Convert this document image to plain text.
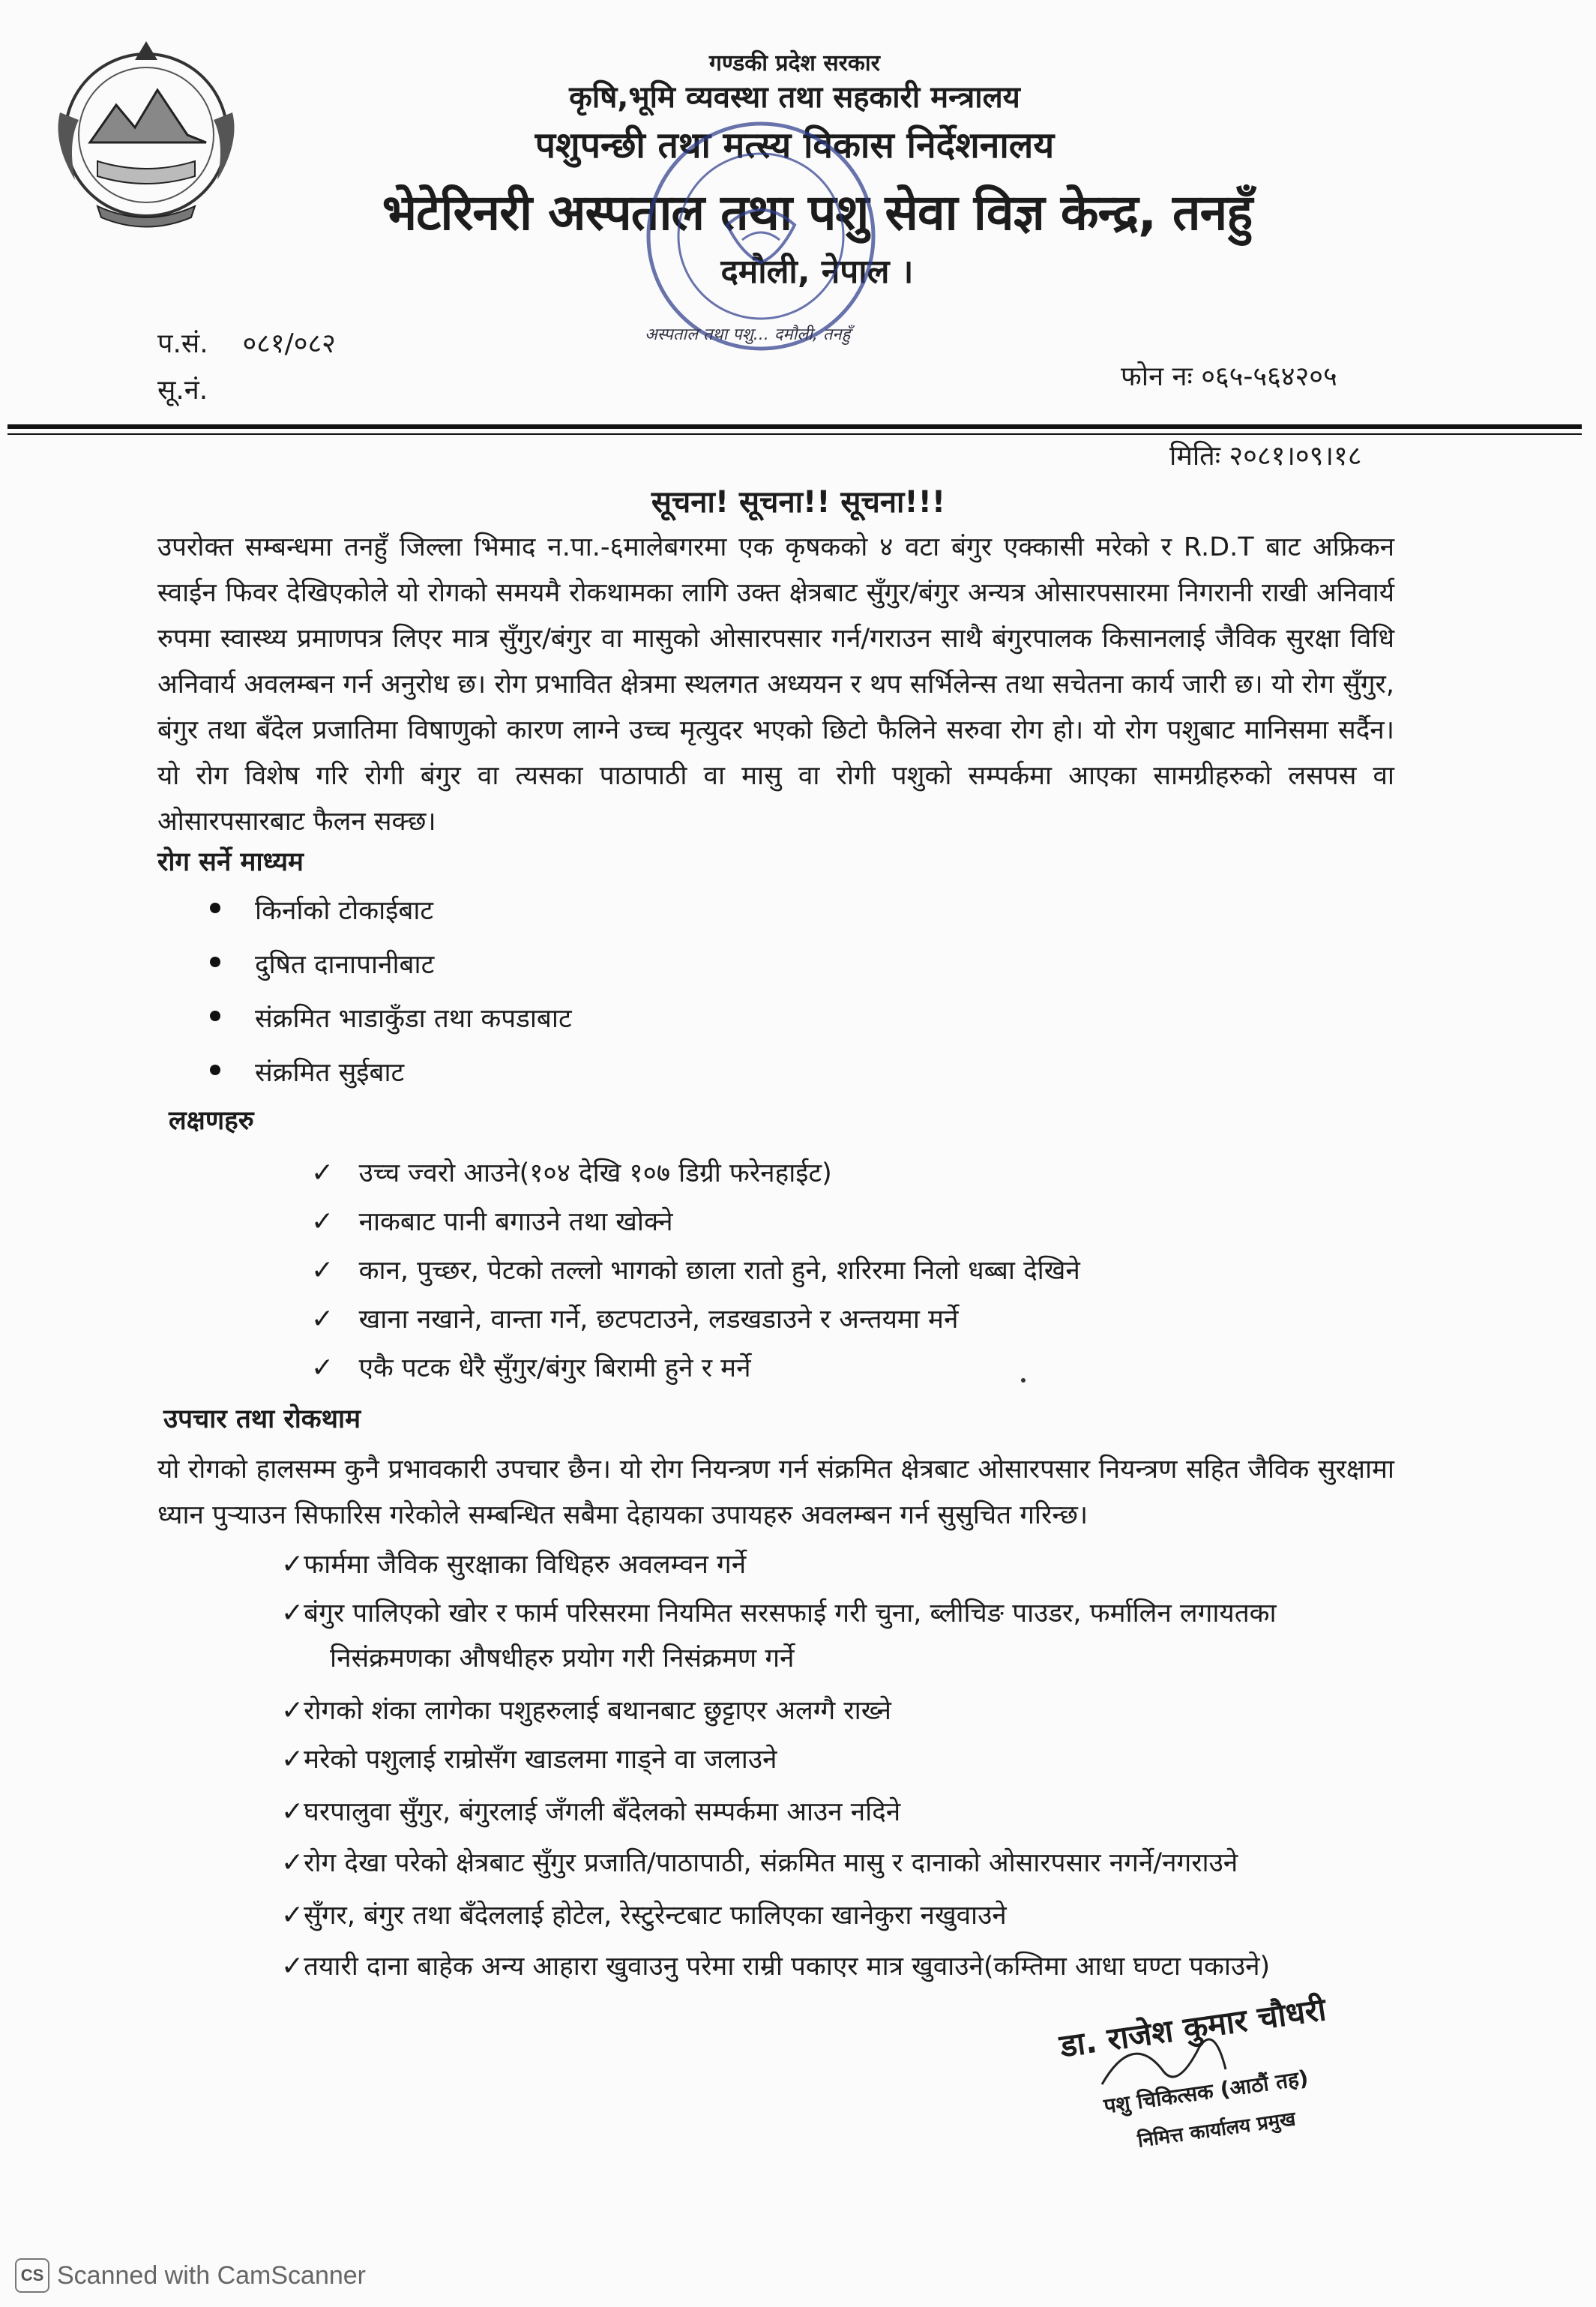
गण्डकी प्रदेश सरकार
कृषि,भूमि व्यवस्था तथा सहकारी मन्त्रालय
पशुपन्छी तथा मत्स्य विकास निर्देशनालय
भेटेरिनरी अस्पताल तथा पशु सेवा विज्ञ केन्द्र, तनहुँ
दमौली, नेपाल ।
अस्पताल तथा पशु... दमौली, तनहुँ
प.सं. ०८१/०८२
सू.नं.	फोन नः ०६५-५६४२०५
मितिः २०८१।०९।१८
सूचना! सूचना!! सूचना!!!
उपरोक्त सम्बन्धमा तनहुँ जिल्ला भिमाद न.पा.-६मालेबगरमा एक कृषकको ४ वटा बंगुर एक्कासी मरेको र R.D.T बाट अफ्रिकन स्वाईन फिवर देखिएकोले यो रोगको समयमै रोकथामका लागि उक्त क्षेत्रबाट सुँगुर/बंगुर अन्यत्र ओसारपसारमा निगरानी राखी अनिवार्य रुपमा स्वास्थ्य प्रमाणपत्र लिएर मात्र सुँगुर/बंगुर वा मासुको ओसारपसार गर्न/गराउन साथै बंगुरपालक किसानलाई जैविक सुरक्षा विधि अनिवार्य अवलम्बन गर्न अनुरोध छ। रोग प्रभावित क्षेत्रमा स्थलगत अध्ययन र थप सर्भिलेन्स तथा सचेतना कार्य जारी छ। यो रोग सुँगुर, बंगुर तथा बँदेल प्रजातिमा विषाणुको कारण लाग्ने उच्च मृत्युदर भएको छिटो फैलिने सरुवा रोग हो। यो रोग पशुबाट मानिसमा सर्दैन। यो रोग विशेष गरि रोगी बंगुर वा त्यसका पाठापाठी वा मासु वा रोगी पशुको सम्पर्कमा आएका सामग्रीहरुको लसपस वा ओसारपसारबाट फैलन सक्छ।
रोग सर्ने माध्यम
किर्नाको टोकाईबाट
दुषित दानापानीबाट
संक्रमित भाडाकुँडा तथा कपडाबाट
संक्रमित सुईबाट
लक्षणहरु
✓ उच्च ज्वरो आउने(१०४ देखि १०७ डिग्री फरेनहाईट)
✓ नाकबाट पानी बगाउने तथा खोक्ने
✓ कान, पुच्छर, पेटको तल्लो भागको छाला रातो हुने, शरिरमा निलो धब्बा देखिने
✓ खाना नखाने, वान्ता गर्ने, छटपटाउने, लडखडाउने र अन्तयमा मर्ने
✓ एकै पटक धेरै सुँगुर/बंगुर बिरामी हुने र मर्ने
उपचार तथा रोकथाम
यो रोगको हालसम्म कुनै प्रभावकारी उपचार छैन। यो रोग नियन्त्रण गर्न संक्रमित क्षेत्रबाट ओसारपसार नियन्त्रण सहित जैविक सुरक्षामा ध्यान पुऱ्याउन सिफारिस गरेकोले सम्बन्धित सबैमा देहायका उपायहरु अवलम्बन गर्न सुसुचित गरिन्छ।
✓फार्ममा जैविक सुरक्षाका विधिहरु अवलम्वन गर्ने
✓बंगुर पालिएको खोर र फार्म परिसरमा नियमित सरसफाई गरी चुना, ब्लीचिङ पाउडर, फर्मालिन लगायतका
निसंक्रमणका औषधीहरु प्रयोग गरी निसंक्रमण गर्ने
✓रोगको शंका लागेका पशुहरुलाई बथानबाट छुट्टाएर अलग्गै राख्ने
✓मरेको पशुलाई राम्रोसँग खाडलमा गाड्ने वा जलाउने
✓घरपालुवा सुँगुर, बंगुरलाई जँगली बँदेलको सम्पर्कमा आउन नदिने
✓रोग देखा परेको क्षेत्रबाट सुँगुर प्रजाति/पाठापाठी, संक्रमित मासु र दानाको ओसारपसार नगर्ने/नगराउने
✓सुँगर, बंगुर तथा बँदेललाई होटेल, रेस्टुरेन्टबाट फालिएका खानेकुरा नखुवाउने
✓तयारी दाना बाहेक अन्य आहारा खुवाउनु परेमा राम्री पकाएर मात्र खुवाउने(कम्तिमा आधा घण्टा पकाउने)
डा. राजेश कुमार चौधरी
पशु चिकित्सक (आठौं तह)
निमित्त कार्यालय प्रमुख
CS Scanned with CamScanner
